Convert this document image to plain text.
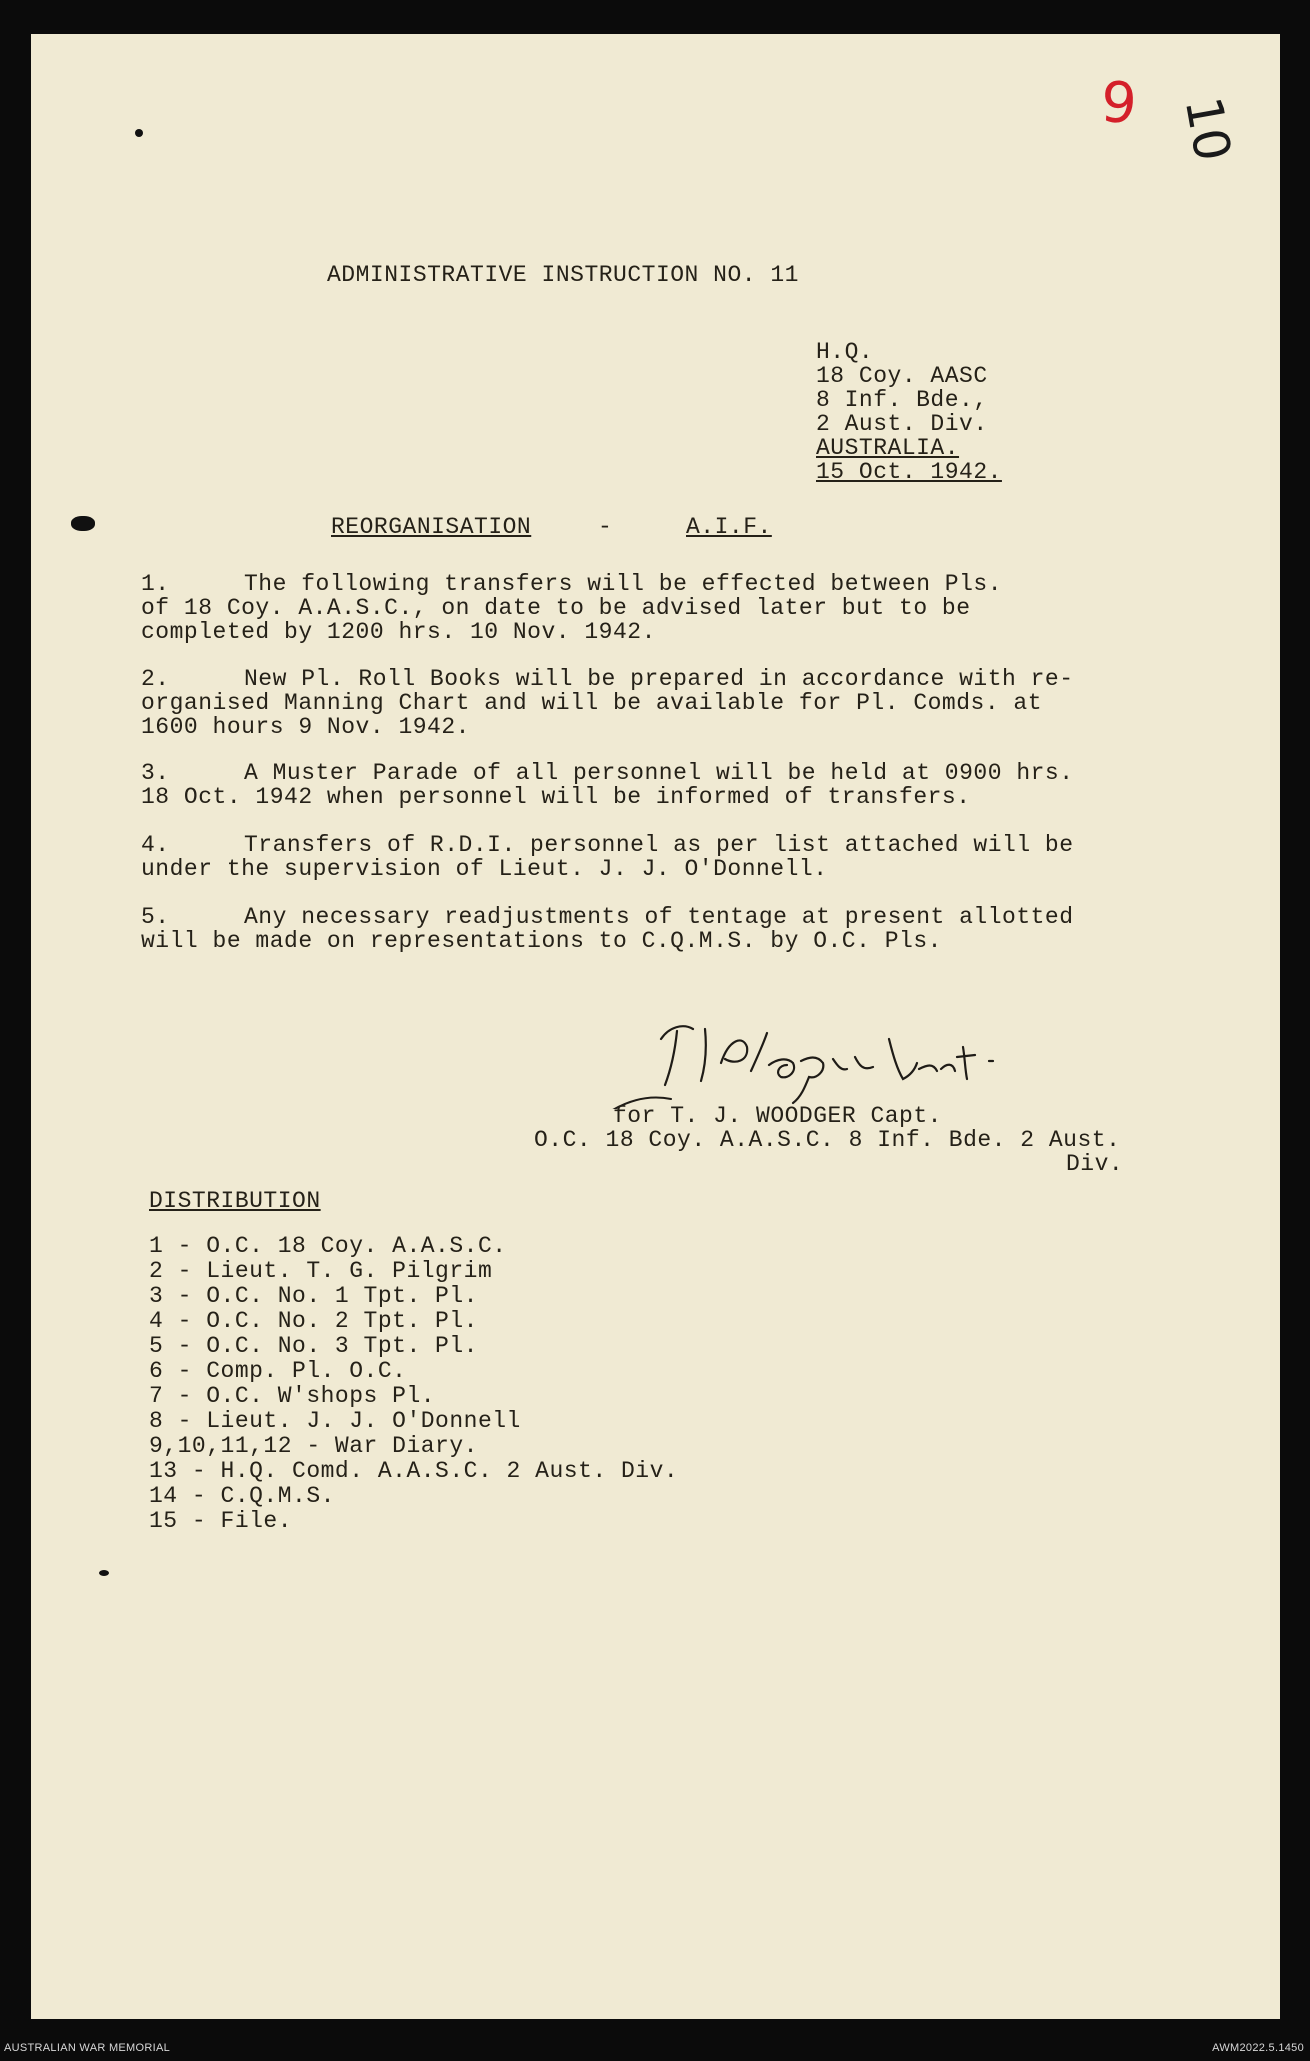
9 10
ADMINISTRATIVE INSTRUCTION NO. 11
H.Q.
18 Coy. AASC
8 Inf. Bde.,
2 Aust. Div.
AUSTRALIA.
15 Oct. 1942.
REORGANISATION	-	A.I.F.
1.	The following transfers will be effected between Pls.
of 18 Coy. A.A.S.C., on date to be advised later but to be
completed by 1200 hrs. 10 Nov. 1942.
2.	New Pl. Roll Books will be prepared in accordance with re-
organised Manning Chart and will be available for Pl. Comds. at
1600 hours 9 Nov. 1942.
3.	A Muster Parade of all personnel will be held at 0900 hrs.
18 Oct. 1942 when personnel will be informed of transfers.
4.	Transfers of R.D.I. personnel as per list attached will be
under the supervision of Lieut. J. J. O'Donnell.
5.	Any necessary readjustments of tentage at present allotted
will be made on representations to C.Q.M.S. by O.C. Pls.
for T. J. WOODGER Capt.
O.C. 18 Coy. A.A.S.C. 8 Inf. Bde. 2 Aust.
Div.
DISTRIBUTION
1 - O.C. 18 Coy. A.A.S.C.
2 - Lieut. T. G. Pilgrim
3 - O.C. No. 1 Tpt. Pl.
4 - O.C. No. 2 Tpt. Pl.
5 - O.C. No. 3 Tpt. Pl.
6 - Comp. Pl. O.C.
7 - O.C. W'shops Pl.
8 - Lieut. J. J. O'Donnell
9,10,11,12 - War Diary.
13 - H.Q. Comd. A.A.S.C. 2 Aust. Div.
14 - C.Q.M.S.
15 - File.
AUSTRALIAN WAR MEMORIAL	AWM2022.5.1450
